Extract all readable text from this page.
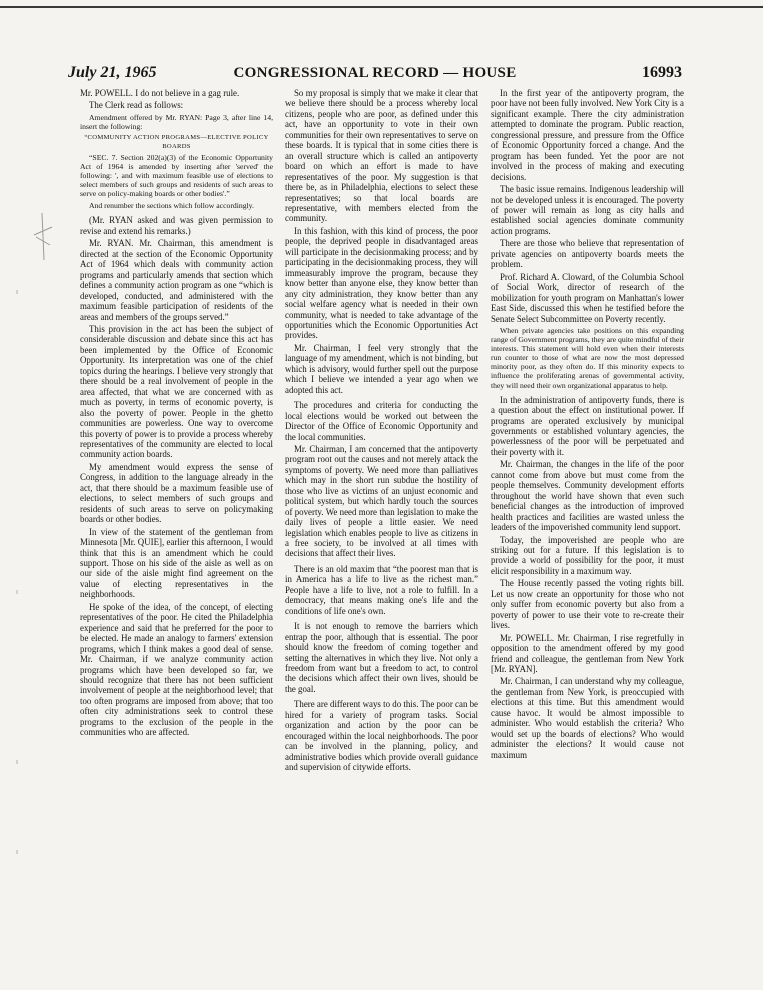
July 21, 1965	CONGRESSIONAL RECORD — HOUSE	16993

Mr. POWELL. I do not believe in a gag rule.

The Clerk read as follows:

Amendment offered by Mr. RYAN: Page 3, after line 14, insert the following:

“COMMUNITY ACTION PROGRAMS—ELECTIVE POLICY BOARDS

“SEC. 7. Section 202(a)(3) of the Economic Opportunity Act of 1964 is amended by inserting after 'served' the following: ', and with maximum feasible use of elections to select members of such groups and residents of such areas to serve on policy-making boards or other bodies'.”

And renumber the sections which follow accordingly.

(Mr. RYAN asked and was given permission to revise and extend his remarks.)

Mr. RYAN. Mr. Chairman, this amendment is directed at the section of the Economic Opportunity Act of 1964 which deals with community action programs and particularly amends that section which defines a community action program as one “which is developed, conducted, and administered with the maximum feasible participation of residents of the areas and members of the groups served.”

This provision in the act has been the subject of considerable discussion and debate since this act has been implemented by the Office of Economic Opportunity. Its interpretation was one of the chief topics during the hearings. I believe very strongly that there should be a real involvement of people in the area affected, that what we are concerned with as much as poverty, in terms of economic poverty, is also the poverty of power. People in the ghetto communities are powerless. One way to overcome this poverty of power is to provide a process whereby representatives of the community are elected to local community action boards.

My amendment would express the sense of Congress, in addition to the language already in the act, that there should be a maximum feasible use of elections, to select members of such groups and residents of such areas to serve on policymaking boards or other bodies.

In view of the statement of the gentleman from Minnesota [Mr. QUIE], earlier this afternoon, I would think that this is an amendment which he could support. Those on his side of the aisle as well as on our side of the aisle might find agreement on the value of electing representatives in the neighborhoods.

He spoke of the idea, of the concept, of electing representatives of the poor. He cited the Philadelphia experience and said that he preferred for the poor to be elected. He made an analogy to farmers' extension programs, which I think makes a good deal of sense. Mr. Chairman, if we analyze community action programs which have been developed so far, we should recognize that there has not been sufficient involvement of people at the neighborhood level; that too often programs are imposed from above; that too often city administrations seek to control these programs to the exclusion of the people in the communities who are affected.

So my proposal is simply that we make it clear that we believe there should be a process whereby local citizens, people who are poor, as defined under this act, have an opportunity to vote in their own communities for their own representatives to serve on these boards. It is typical that in some cities there is an overall structure which is called an antipoverty board on which an effort is made to have representatives of the poor. My suggestion is that there be, as in Philadelphia, elections to select these representatives; so that local boards are representative, with members elected from the community.

In this fashion, with this kind of process, the poor people, the deprived people in disadvantaged areas will participate in the decisionmaking process; and by participating in the decisionmaking process, they will immeasurably improve the program, because they know better than anyone else, they know better than any city administration, they know better than any social welfare agency what is needed in their own community, what is needed to take advantage of the opportunities which the Economic Opportunities Act provides.

Mr. Chairman, I feel very strongly that the language of my amendment, which is not binding, but which is advisory, would further spell out the purpose which I believe we intended a year ago when we adopted this act.

The procedures and criteria for conducting the local elections would be worked out between the Director of the Office of Economic Opportunity and the local communities.

Mr. Chairman, I am concerned that the antipoverty program root out the causes and not merely attack the symptoms of poverty. We need more than palliatives which may in the short run subdue the hostility of those who live as victims of an unjust economic and political system, but which hardly touch the sources of poverty. We need more than legislation to make the daily lives of people a little easier. We need legislation which enables people to live as citizens in a free society, to be involved at all times with decisions that affect their lives.

There is an old maxim that “the poorest man that is in America has a life to live as the richest man.” People have a life to live, not a role to fulfill. In a democracy, that means making one's life and the conditions of life one's own.

It is not enough to remove the barriers which entrap the poor, although that is essential. The poor should know the freedom of coming together and setting the alternatives in which they live. Not only a freedom from want but a freedom to act, to control the decisions which affect their own lives, should be the goal.

There are different ways to do this. The poor can be hired for a variety of program tasks. Social organization and action by the poor can be encouraged within the local neighborhoods. The poor can be involved in the planning, policy, and administrative bodies which provide overall guidance and supervision of citywide efforts.

In the first year of the antipoverty program, the poor have not been fully involved. New York City is a significant example. There the city administration attempted to dominate the program. Public reaction, congressional pressure, and pressure from the Office of Economic Opportunity forced a change. And the program has been funded. Yet the poor are not involved in the process of making and executing decisions.

The basic issue remains. Indigenous leadership will not be developed unless it is encouraged. The poverty of power will remain as long as city halls and established social agencies dominate community action programs.

There are those who believe that representation of private agencies on antipoverty boards meets the problem.

Prof. Richard A. Cloward, of the Columbia School of Social Work, director of research of the mobilization for youth program on Manhattan's lower East Side, discussed this when he testified before the Senate Select Subcommittee on Poverty recently.

When private agencies take positions on this expanding range of Government programs, they are quite mindful of their interests. This statement will hold even when their interests run counter to those of what are now the most depressed minority poor, as they often do. If this minority expects to influence the proliferating arenas of governmental activity, they will need their own organizational apparatus to help.

In the administration of antipoverty funds, there is a question about the effect on institutional power. If programs are operated exclusively by municipal governments or established voluntary agencies, the powerlessness of the poor will be perpetuated and their poverty with it.

Mr. Chairman, the changes in the life of the poor cannot come from above but must come from the people themselves. Community development efforts throughout the world have shown that even such beneficial changes as the introduction of improved health practices and facilities are wasted unless the leaders of the impoverished community lend support.

Today, the impoverished are people who are striking out for a future. If this legislation is to provide a world of possibility for the poor, it must elicit responsibility in a maximum way.

The House recently passed the voting rights bill. Let us now create an opportunity for those who not only suffer from economic poverty but also from a poverty of power to use their vote to re-create their lives.

Mr. POWELL. Mr. Chairman, I rise regretfully in opposition to the amendment offered by my good friend and colleague, the gentleman from New York [Mr. RYAN].

Mr. Chairman, I can understand why my colleague, the gentleman from New York, is preoccupied with elections at this time. But this amendment would cause havoc. It would be almost impossible to administer. Who would establish the criteria? Who would set up the boards of elections? Who would administer the elections? It would cause not maximum
